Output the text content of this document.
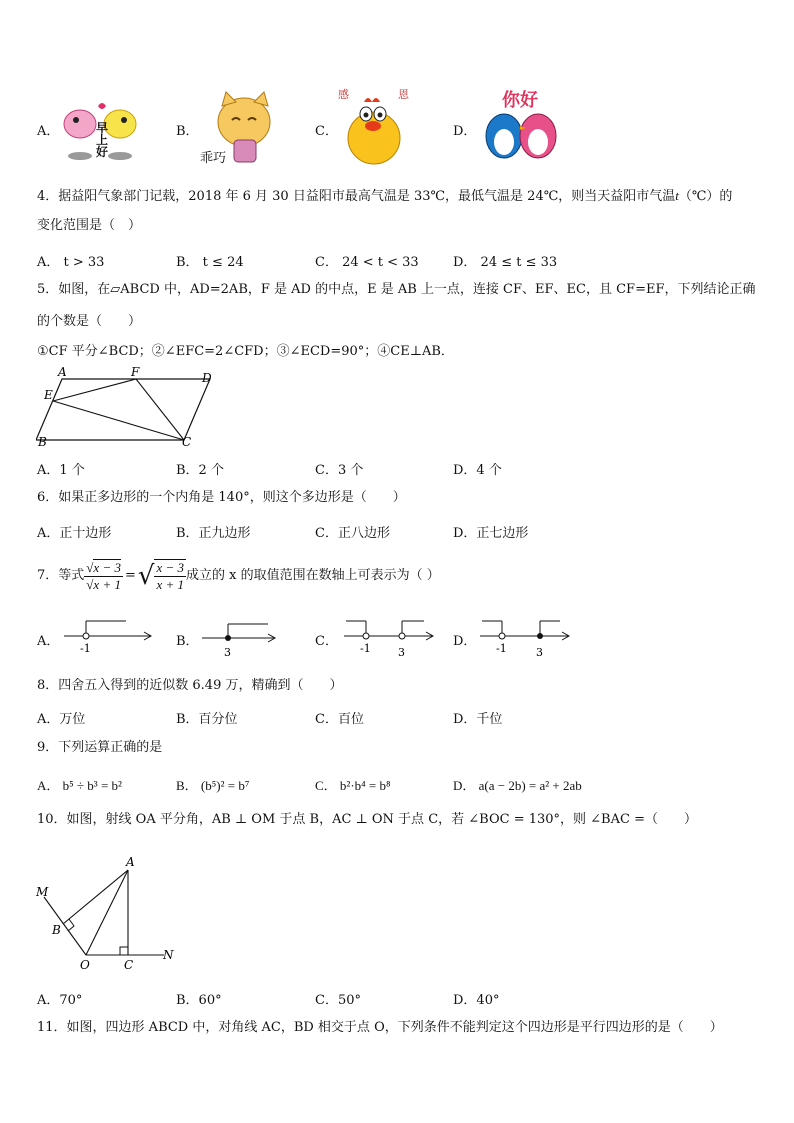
A．	早
上
好
B．
乖巧
C．
感	恩
D．
你好
4．据益阳气象部门记载，2018 年 6 月 30 日益阳市最高气温是 33℃，最低气温是 24℃，则当天益阳市气温t（℃）的
变化范围是（　）
A． t > 33	B． t ≤ 24	C． 24 < t < 33	D． 24 ≤ t ≤ 33
5．如图，在▱ABCD 中，AD=2AB，F 是 AD 的中点，E 是 AB 上一点，连接 CF、EF、EC，且 CF=EF，下列结论正确
的个数是（　　）
①CF 平分∠BCD；②∠EFC=2∠CFD；③∠ECD=90°；④CE⊥AB．
A	F	D
E
B	C
A．1 个	B．2 个	C．3 个	D．4 个
6．如果正多边形的一个内角是 140°，则这个多边形是（　　）
A．正十边形	B．正九边形	C．正八边形	D．正七边形
7．等式 $\frac{√x - 3}{√x + 1}$ = √ $\frac{x - 3}{x + 1}$ 成立的 x 的取值范围在数轴上可表示为（ ）
A． -1	B．
3
C． -1 3
D． -1	3
8．四舍五入得到的近似数 6.49 万，精确到（　　）
A．万位	B．百分位	C．百位	D．千位
9．下列运算正确的是
A． b⁵ ÷ b³ = b²	B． (b⁵)² = b⁷	C． b²·b⁴ = b⁸	D． a(a − 2b) = a² + 2ab
10．如图，射线 OA 平分角，AB ⊥ OM 于点 B，AC ⊥ ON 于点 C，若 ∠BOC = 130°，则 ∠BAC =（　　）
A
M
B
O	C
N
A．70°	B．60°	C．50°	D．40°
11．如图，四边形 ABCD 中，对角线 AC，BD 相交于点 O，下列条件不能判定这个四边形是平行四边形的是（　　）
